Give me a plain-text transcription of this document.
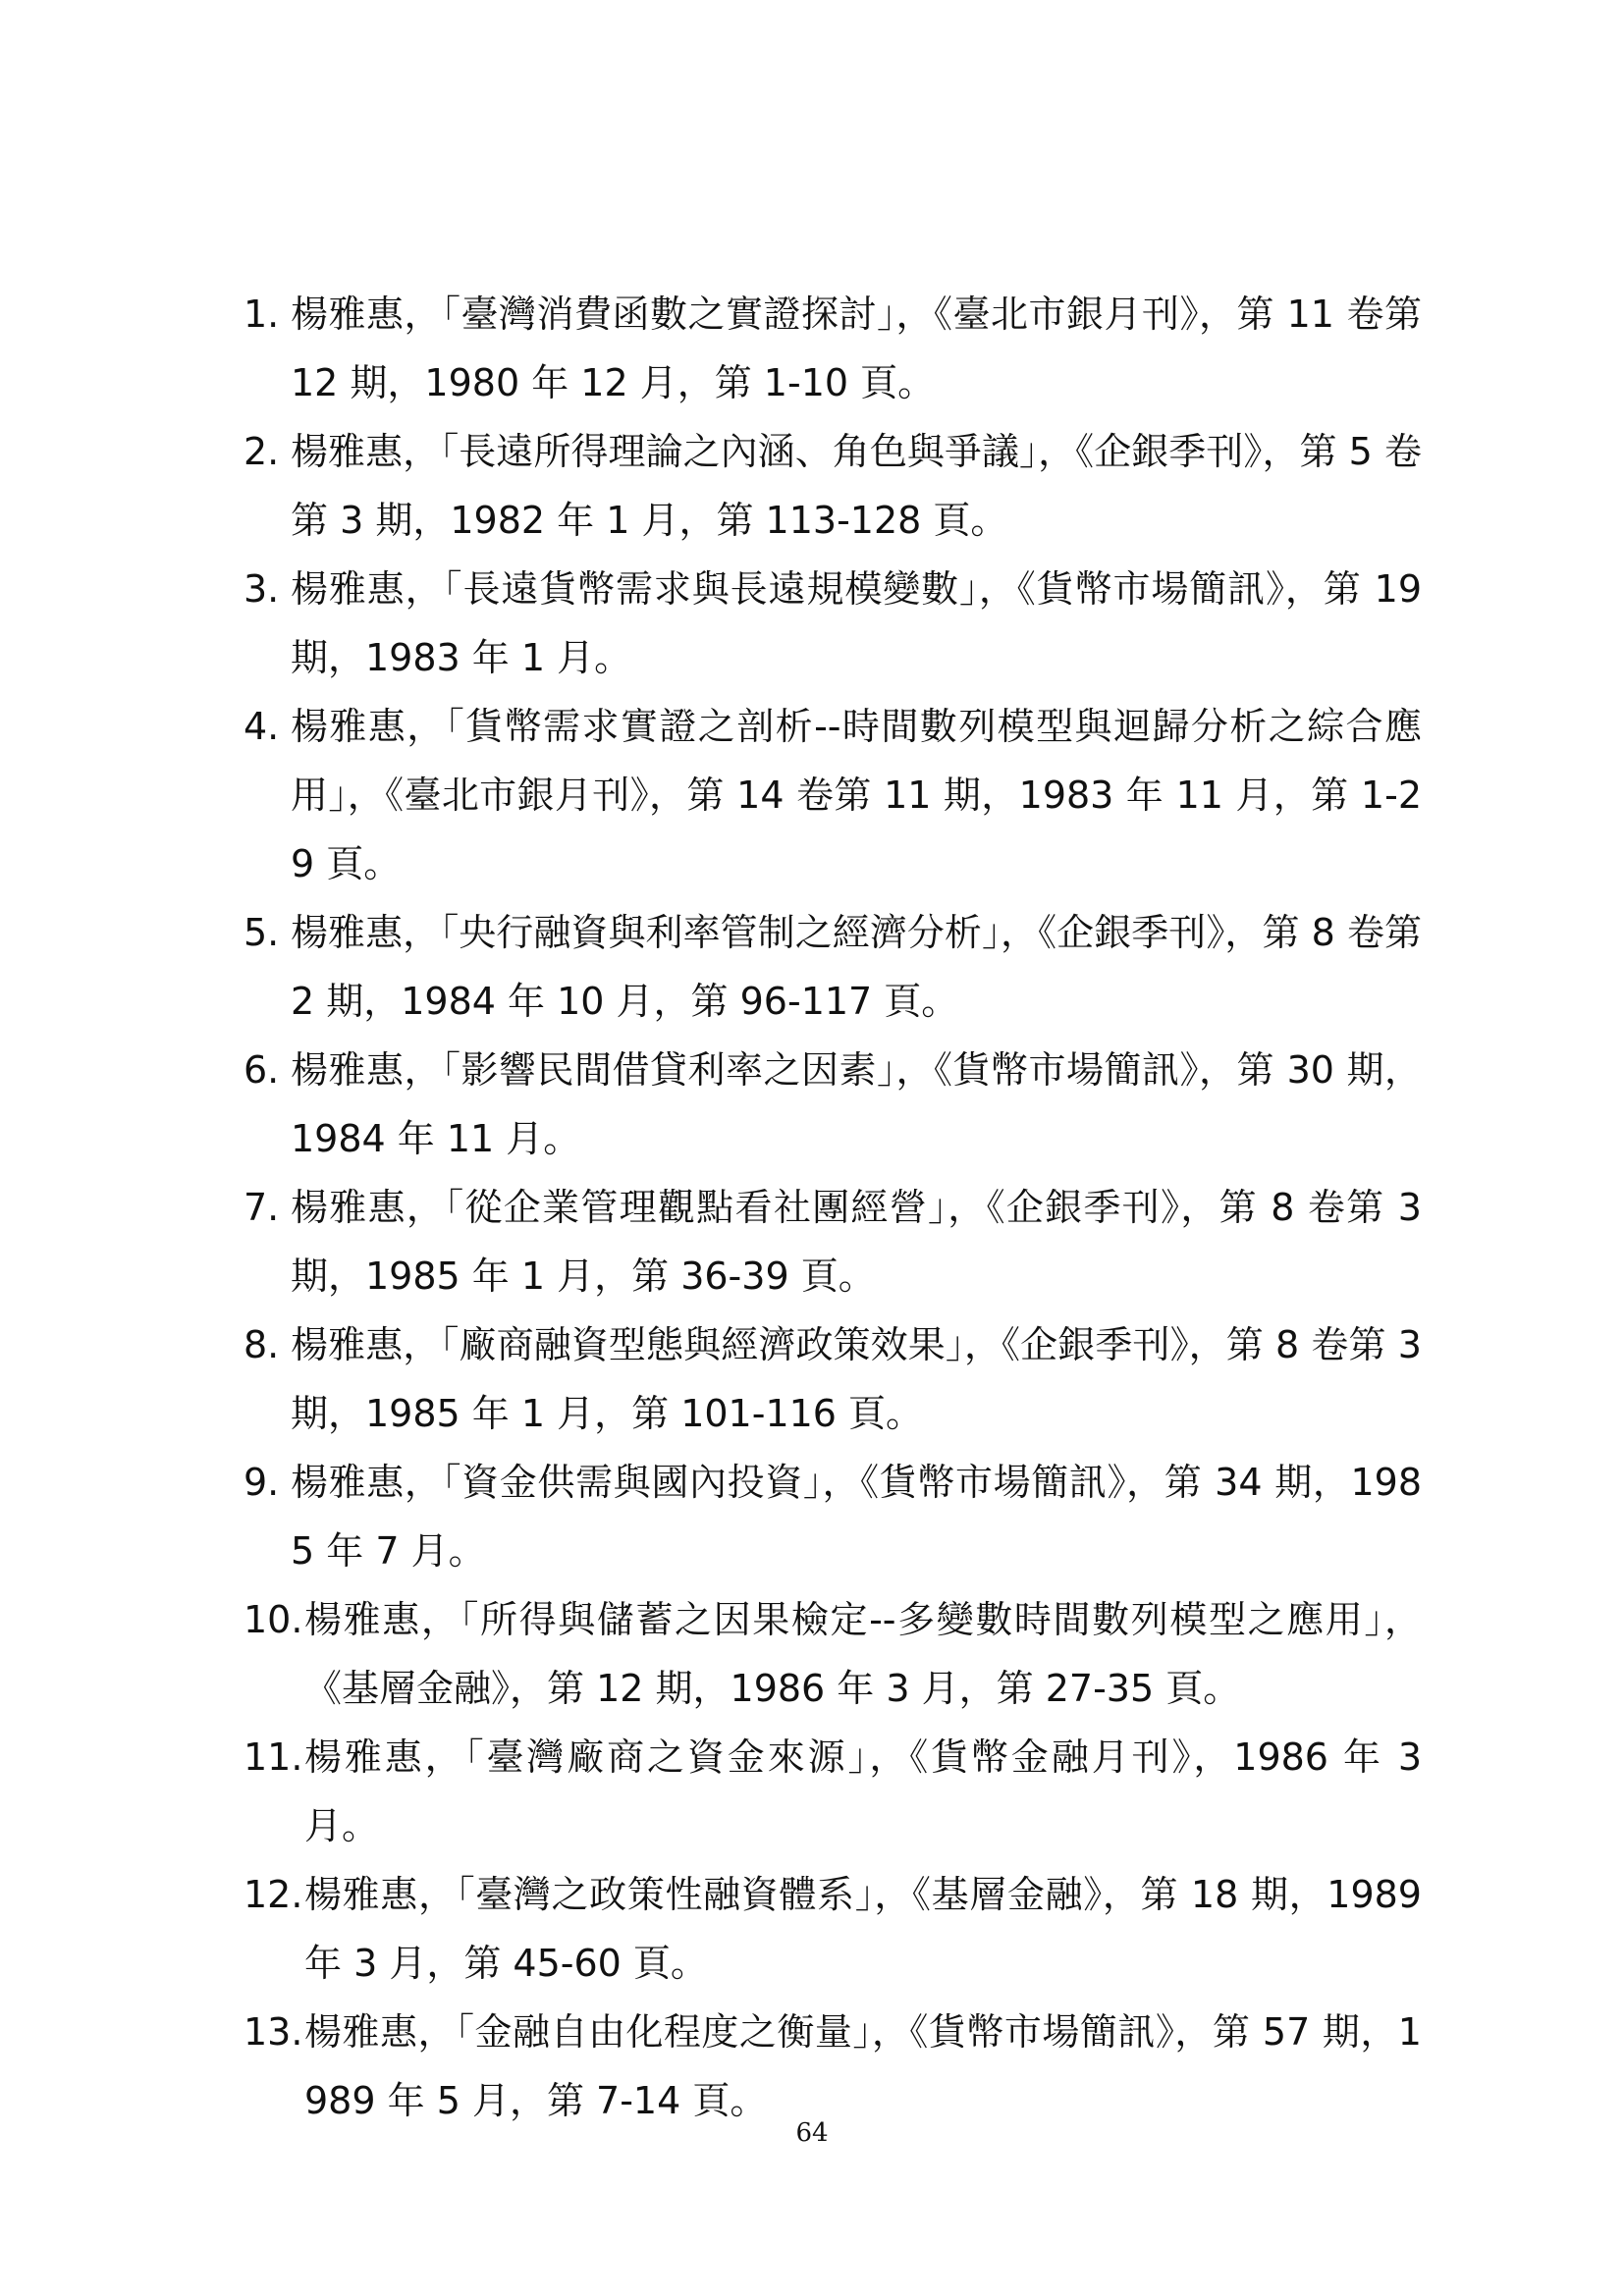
1. 楊雅惠，「臺灣消費函數之實證探討」，《臺北市銀月刊》，第 11 卷第 12 期，1980 年 12 月，第 1-10 頁。
2. 楊雅惠，「長遠所得理論之內涵、角色與爭議」，《企銀季刊》，第 5 卷第 3 期，1982 年 1 月，第 113-128 頁。
3. 楊雅惠，「長遠貨幣需求與長遠規模變數」，《貨幣市場簡訊》，第 19 期，1983 年 1 月。
4. 楊雅惠，「貨幣需求實證之剖析--時間數列模型與迴歸分析之綜合應用」，《臺北市銀月刊》，第 14 卷第 11 期，1983 年 11 月，第 1-29 頁。
5. 楊雅惠，「央行融資與利率管制之經濟分析」，《企銀季刊》，第 8 卷第 2 期，1984 年 10 月，第 96-117 頁。
6. 楊雅惠，「影響民間借貸利率之因素」，《貨幣市場簡訊》，第 30 期，1984 年 11 月。
7. 楊雅惠，「從企業管理觀點看社團經營」，《企銀季刊》，第 8 卷第 3 期，1985 年 1 月，第 36-39 頁。
8. 楊雅惠，「廠商融資型態與經濟政策效果」，《企銀季刊》，第 8 卷第 3 期，1985 年 1 月，第 101-116 頁。
9. 楊雅惠，「資金供需與國內投資」，《貨幣市場簡訊》，第 34 期，1985 年 7 月。
10. 楊雅惠，「所得與儲蓄之因果檢定--多變數時間數列模型之應用」，《基層金融》，第 12 期，1986 年 3 月，第 27-35 頁。
11. 楊雅惠，「臺灣廠商之資金來源」，《貨幣金融月刊》，1986 年 3 月。
12. 楊雅惠，「臺灣之政策性融資體系」，《基層金融》，第 18 期，1989 年 3 月，第 45-60 頁。
13. 楊雅惠，「金融自由化程度之衡量」，《貨幣市場簡訊》，第 57 期，1989 年 5 月，第 7-14 頁。
64
